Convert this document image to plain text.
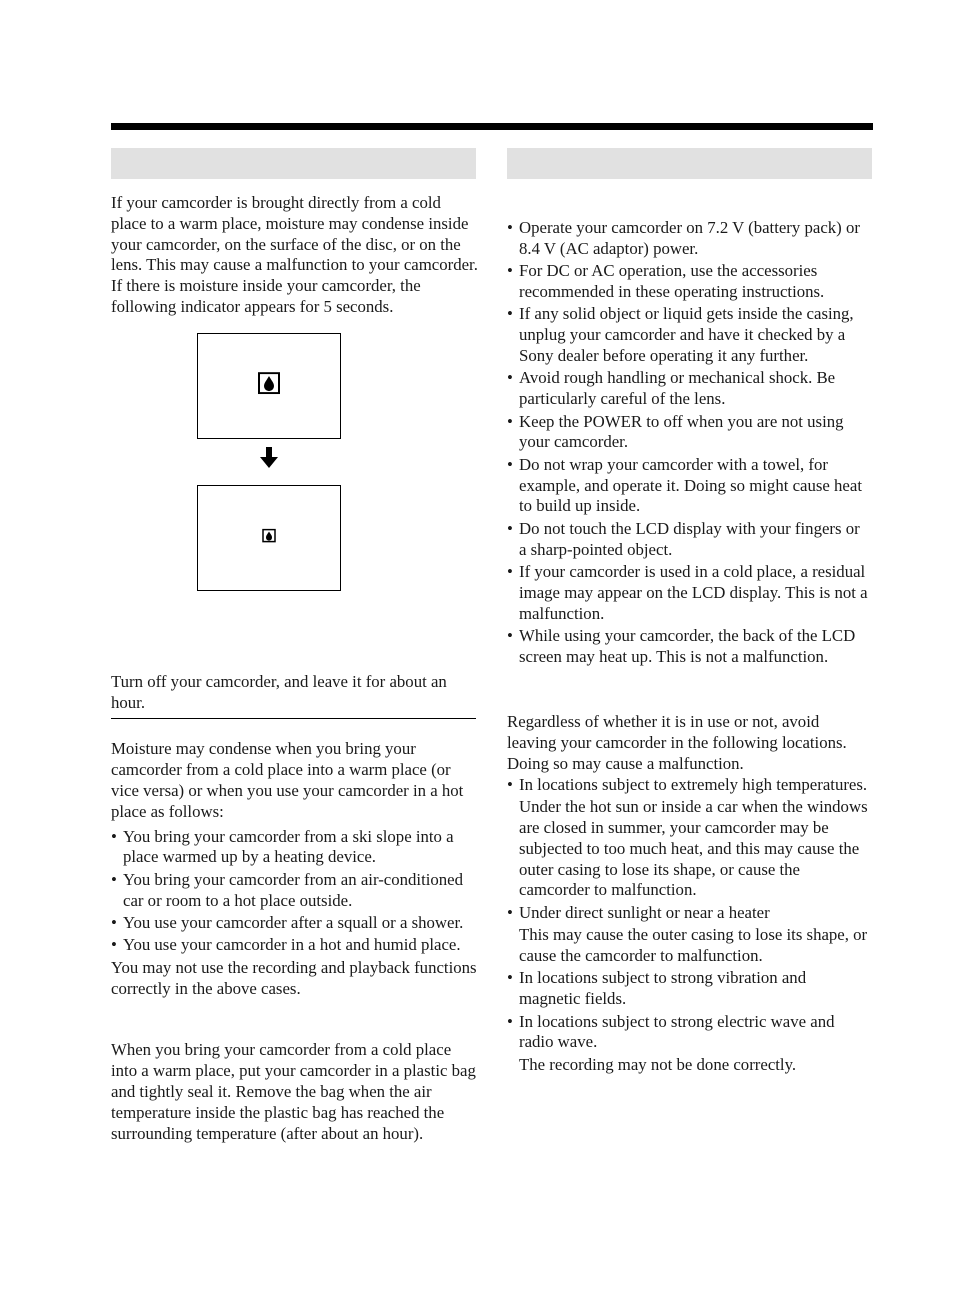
If your camcorder is brought directly from a cold place to a warm place, moisture may condense inside your camcorder, on the surface of the disc, or on the lens. This may cause a malfunction to your camcorder. If there is moisture inside your camcorder, the following indicator appears for 5 seconds.

Turn off your camcorder, and leave it for about an hour.

Moisture may condense when you bring your camcorder from a cold place into a warm place (or vice versa) or when you use your camcorder in a hot place as follows:

• You bring your camcorder from a ski slope into a place warmed up by a heating device.
• You bring your camcorder from an air-conditioned car or room to a hot place outside.
• You use your camcorder after a squall or a shower.
• You use your camcorder in a hot and humid place.

You may not use the recording and playback functions correctly in the above cases.

When you bring your camcorder from a cold place into a warm place, put your camcorder in a plastic bag and tightly seal it. Remove the bag when the air temperature inside the plastic bag has reached the surrounding temperature (after about an hour).

• Operate your camcorder on 7.2 V (battery pack) or 8.4 V (AC adaptor) power.
• For DC or AC operation, use the accessories recommended in these operating instructions.
• If any solid object or liquid gets inside the casing, unplug your camcorder and have it checked by a Sony dealer before operating it any further.
• Avoid rough handling or mechanical shock. Be particularly careful of the lens.
• Keep the POWER to off when you are not using your camcorder.
• Do not wrap your camcorder with a towel, for example, and operate it. Doing so might cause heat to build up inside.
• Do not touch the LCD display with your fingers or a sharp-pointed object.
• If your camcorder is used in a cold place, a residual image may appear on the LCD display. This is not a malfunction.
• While using your camcorder, the back of the LCD screen may heat up. This is not a malfunction.

Regardless of whether it is in use or not, avoid leaving your camcorder in the following locations. Doing so may cause a malfunction.

• In locations subject to extremely high temperatures.
Under the hot sun or inside a car when the windows are closed in summer, your camcorder may be subjected to too much heat, and this may cause the outer casing to lose its shape, or cause the camcorder to malfunction.
• Under direct sunlight or near a heater
This may cause the outer casing to lose its shape, or cause the camcorder to malfunction.
• In locations subject to strong vibration and magnetic fields.
• In locations subject to strong electric wave and radio wave.
The recording may not be done correctly.
